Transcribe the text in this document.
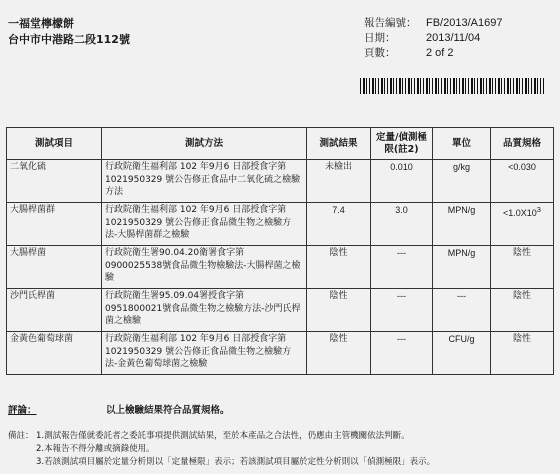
一福堂檸檬餅
台中市中港路二段112號
報告編號： FB/2013/A1697
日期：	2013/11/04
頁數：	2 of 2
測試項目	測試方法	測試結果	定量/偵測極限(註2)	單位	品質規格
二氧化硫	行政院衛生福利部 102 年9月6 日部授食字第 1021950329 號公告修正食品中二氧化硫之檢驗方法	未檢出	0.010	g/kg	<0.030
大腸桿菌群	行政院衛生福利部 102 年9月6 日部授食字第 1021950329 號公告修正食品微生物之檢驗方法-大腸桿菌群之檢驗	7.4	3.0	MPN/g	$<1.0X10^3$
大腸桿菌	行政院衛生署90.04.20衛署食字第 0900025538號食品微生物檢驗法-大腸桿菌之檢驗	陰性	---	MPN/g	陰性
沙門氏桿菌	行政院衛生署95.09.04署授食字第 0951800021號食品微生物之檢驗方法-沙門氏桿菌之檢驗	陰性	---	---	陰性
金黃色葡萄球菌	行政院衛生福利部 102 年9月6 日部授食字第 1021950329 號公告修正食品微生物之檢驗方法-金黃色葡萄球菌之檢驗	陰性	---	CFU/g	陰性
評論：	以上檢驗結果符合品質規格。
備註： 1.測試報告僅就委託者之委託事項提供測試結果，至於本產品之合法性，仍應由主管機關依法判斷。
2.本報告不得分離或摘錄使用。
3.若該測試項目屬於定量分析則以「定量極限」表示；若該測試項目屬於定性分析則以「偵測極限」表示。
